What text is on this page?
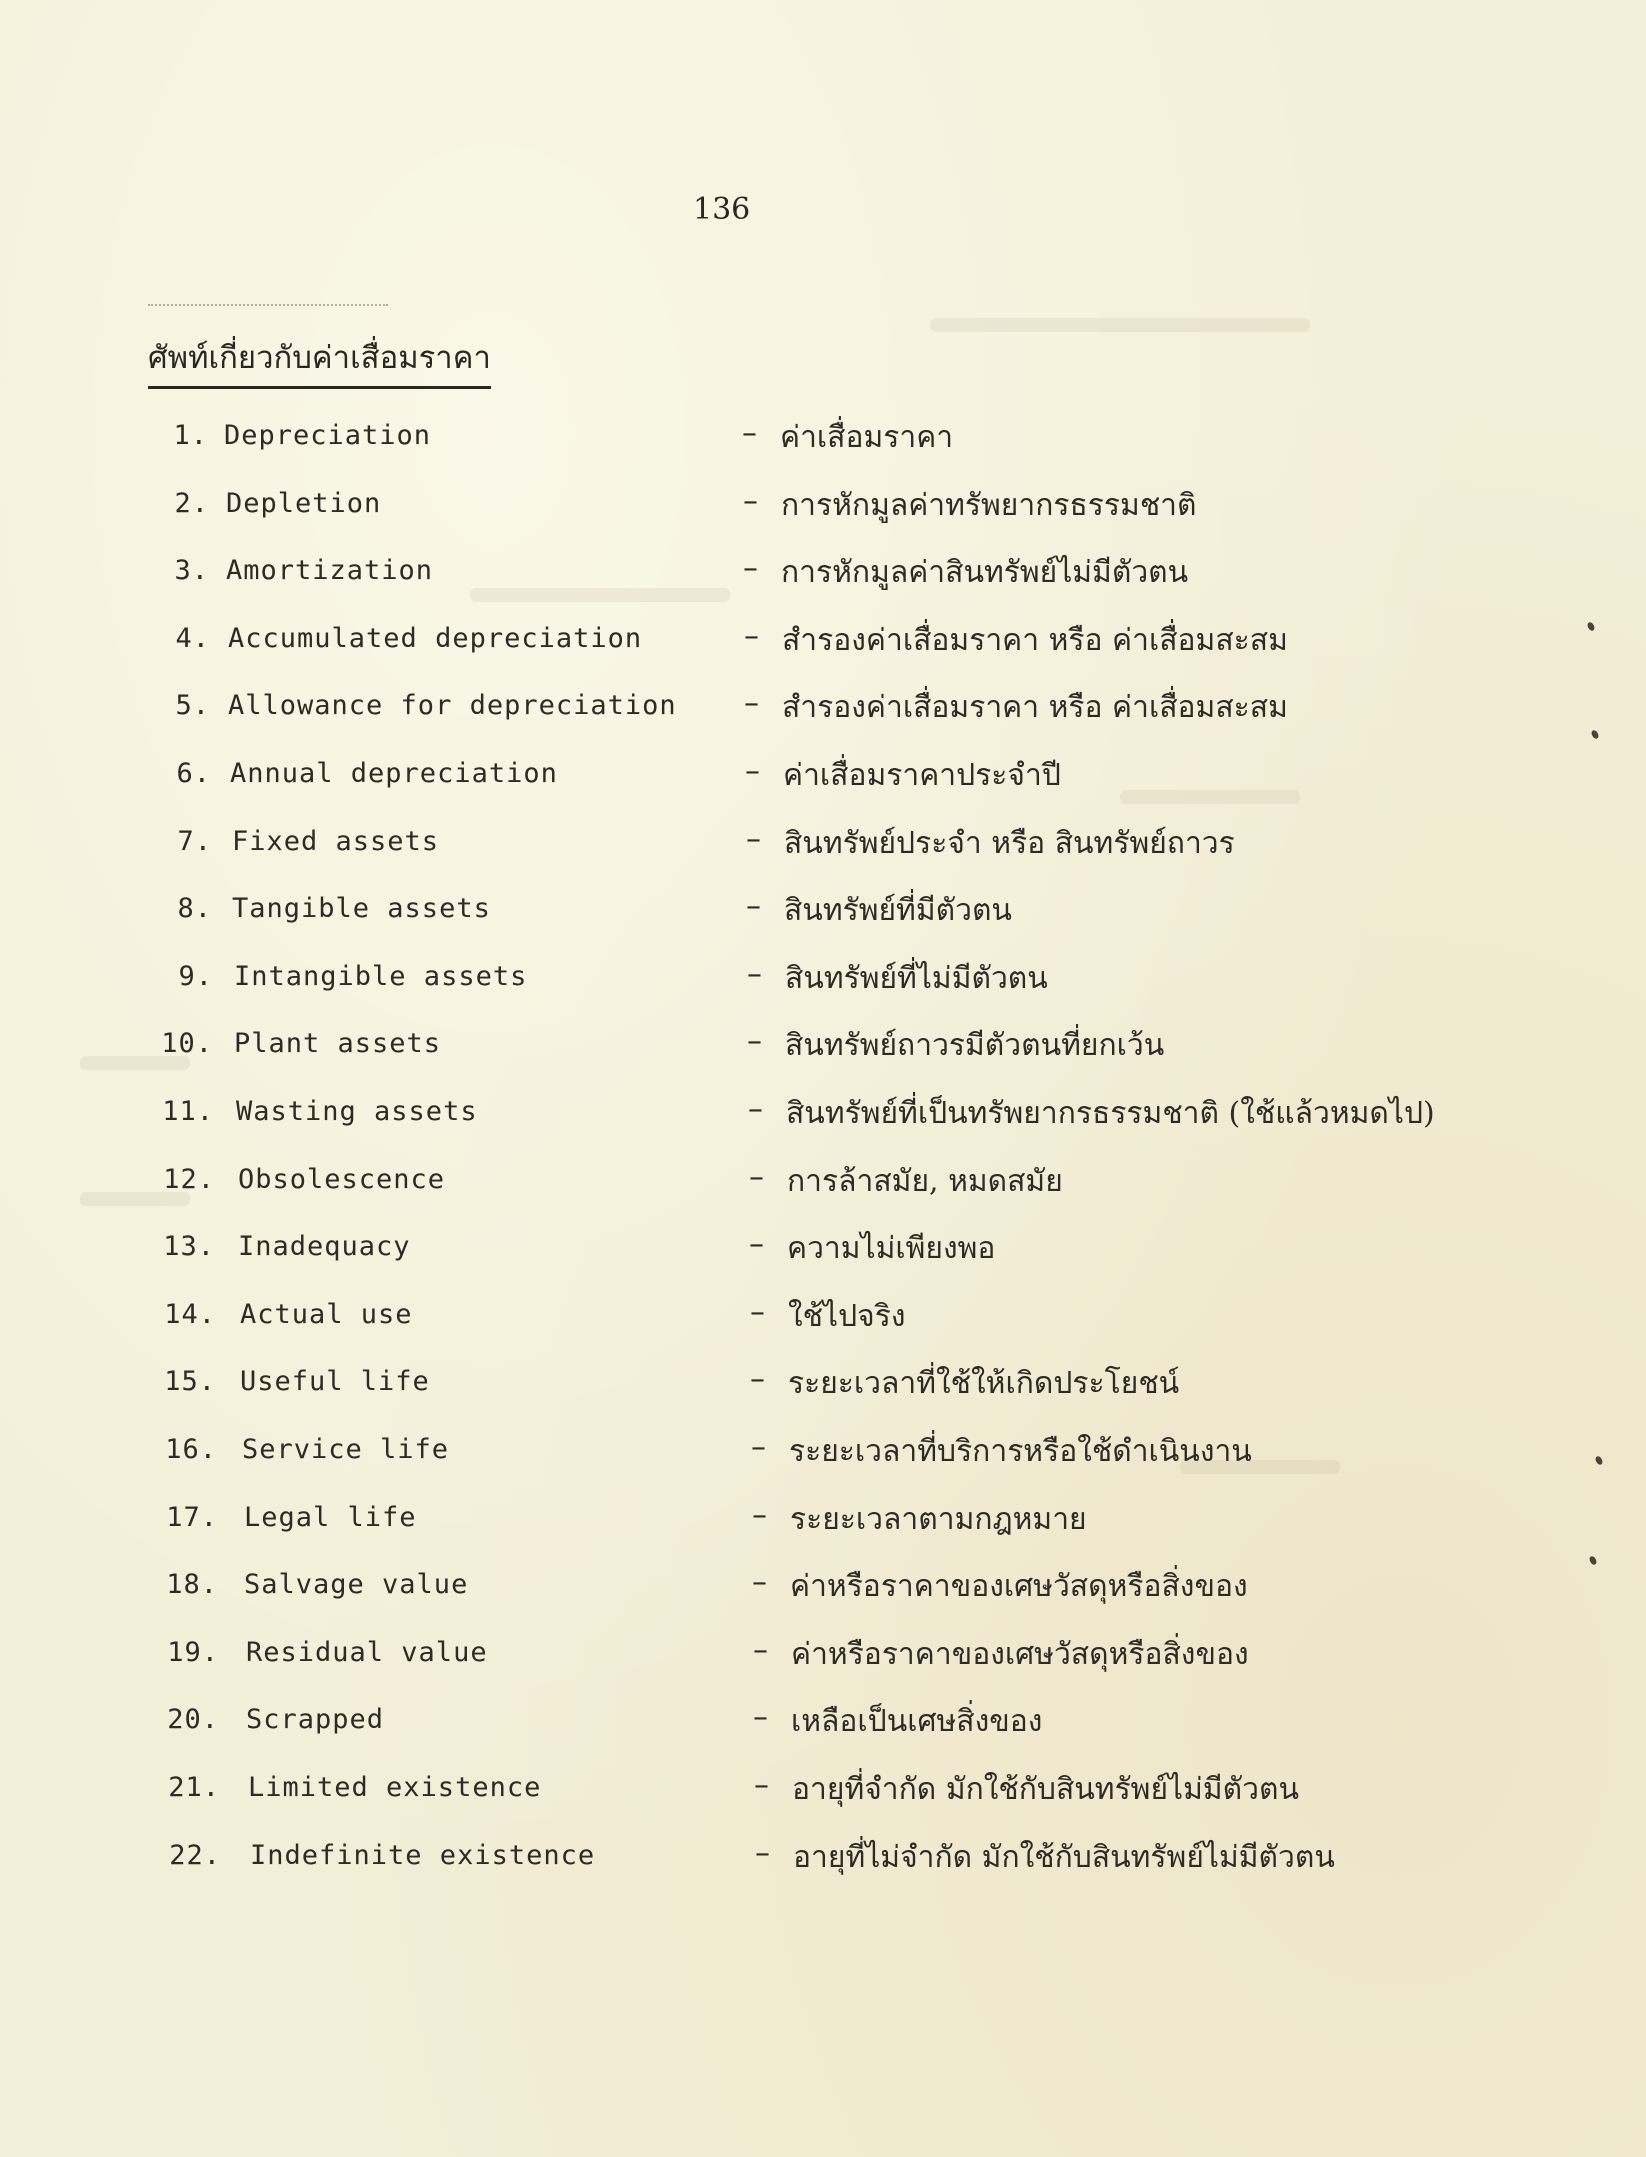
136
ศัพท์เกี่ยวกับค่าเสื่อมราคา
1. Depreciation	– ค่าเสื่อมราคา
2. Depletion	– การหักมูลค่าทรัพยากรธรรมชาติ
3. Amortization	– การหักมูลค่าสินทรัพย์ไม่มีตัวตน
4. Accumulated depreciation	– สำรองค่าเสื่อมราคา หรือ ค่าเสื่อมสะสม
5. Allowance for depreciation – สำรองค่าเสื่อมราคา หรือ ค่าเสื่อมสะสม
6. Annual depreciation	– ค่าเสื่อมราคาประจำปี
7. Fixed assets	– สินทรัพย์ประจำ หรือ สินทรัพย์ถาวร
8. Tangible assets	– สินทรัพย์ที่มีตัวตน
9. Intangible assets	– สินทรัพย์ที่ไม่มีตัวตน
10. Plant assets	– สินทรัพย์ถาวรมีตัวตนที่ยกเว้น
11. Wasting assets	– สินทรัพย์ที่เป็นทรัพยากรธรรมชาติ (ใช้แล้วหมดไป)
12. Obsolescence	– การล้าสมัย, หมดสมัย
13. Inadequacy	– ความไม่เพียงพอ
14. Actual use	– ใช้ไปจริง
15. Useful life	– ระยะเวลาที่ใช้ให้เกิดประโยชน์
16. Service life	– ระยะเวลาที่บริการหรือใช้ดำเนินงาน
17. Legal life	– ระยะเวลาตามกฎหมาย
18. Salvage value	– ค่าหรือราคาของเศษวัสดุหรือสิ่งของ
19. Residual value	– ค่าหรือราคาของเศษวัสดุหรือสิ่งของ
20. Scrapped	– เหลือเป็นเศษสิ่งของ
21. Limited existence	– อายุที่จำกัด มักใช้กับสินทรัพย์ไม่มีตัวตน
22. Indefinite existence	– อายุที่ไม่จำกัด มักใช้กับสินทรัพย์ไม่มีตัวตน
